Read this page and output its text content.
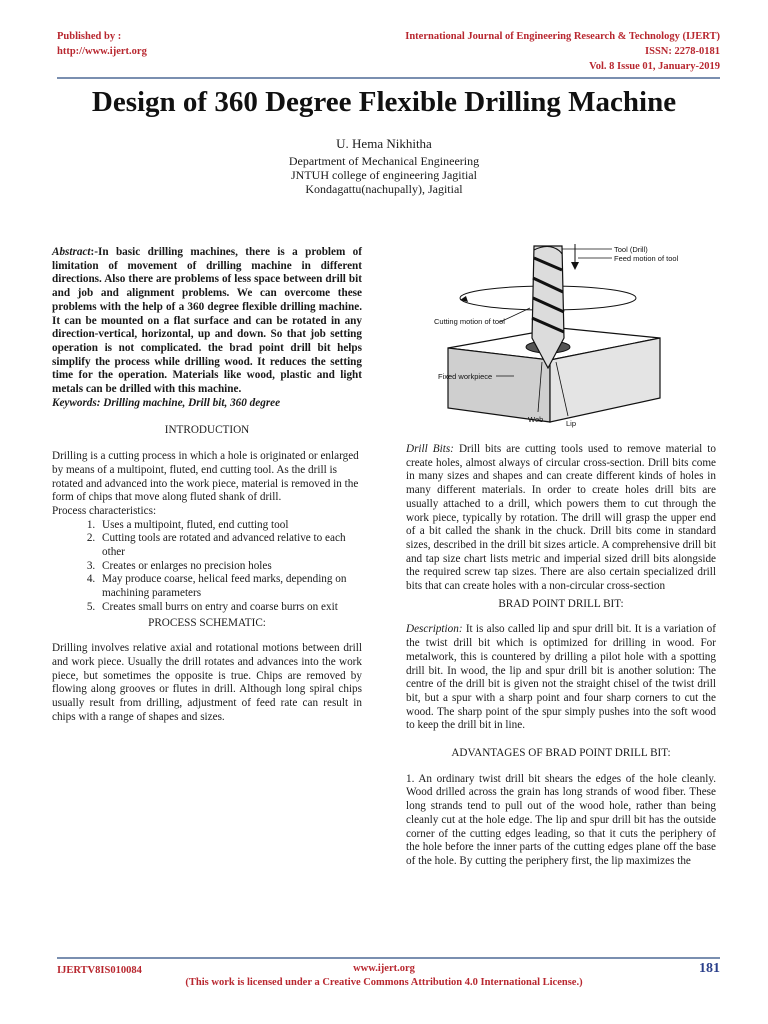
Published by :
http://www.ijert.org
International Journal of Engineering Research & Technology (IJERT)
ISSN: 2278-0181
Vol. 8 Issue 01, January-2019
Design of 360 Degree Flexible Drilling Machine
U. Hema Nikhitha
Department of Mechanical Engineering
JNTUH college of engineering Jagitial
Kondagattu(nachupally), Jagitial

Abstract:-In basic drilling machines, there is a problem of limitation of movement of drilling machine in different directions. Also there are problems of less space between drill bit and job and alignment problems. We can overcome these problems with the help of a 360 degree flexible drilling machine. It can be mounted on a flat surface and can be rotated in any direction-vertical, horizontal, up and down. So that job setting operation is not complicated. the brad point drill bit helps simplify the process while drilling wood. It reduces the setting time for the operation. Materials like wood, plastic and light metals can be drilled with this machine.

Keywords: Drilling machine, Drill bit, 360 degree

INTRODUCTION

Drilling is a cutting process in which a hole is originated or enlarged by means of a multipoint, fluted, end cutting tool. As the drill is rotated and advanced into the work piece, material is removed in the form of chips that move along fluted shank of drill.

Process characteristics:

1. Uses a multipoint, fluted, end cutting tool
2. Cutting tools are rotated and advanced relative to each other
3. Creates or enlarges no precision holes
4. May produce coarse, helical feed marks, depending on machining parameters
5. Creates small burrs on entry and coarse burrs on exit
PROCESS SCHEMATIC:

Drilling involves relative axial and rotational motions between drill and work piece. Usually the drill rotates and advances into the work piece, but sometimes the opposite is true. Chips are removed by flowing along grooves or flutes in drill. Although long spiral chips usually result from drilling, adjustment of feed rate can result in chips with a range of shapes and sizes.

Tool (Drill)
Feed motion of tool
Cutting motion of tool
Fixed workpiece
Web	Lip

Drill Bits: Drill bits are cutting tools used to remove material to create holes, almost always of circular cross-section. Drill bits come in many sizes and shapes and can create different kinds of holes in many different materials. In order to create holes drill bits are usually attached to a drill, which powers them to cut through the work piece, typically by rotation. The drill will grasp the upper end of a bit called the shank in the chuck. Drill bits come in standard sizes, described in the drill bit sizes article. A comprehensive drill bit and tap size chart lists metric and imperial sized drill bits alongside the required screw tap sizes. There are also certain specialized drill bits that can create holes with a non-circular cross-section

BRAD POINT DRILL BIT:

Description: It is also called lip and spur drill bit. It is a variation of the twist drill bit which is optimized for drilling in wood. For metalwork, this is countered by drilling a pilot hole with a spotting drill bit. In wood, the lip and spur drill bit is another solution: The centre of the drill bit is given not the straight chisel of the twist drill bit, but a spur with a sharp point and four sharp corners to cut the wood. The sharp point of the spur simply pushes into the soft wood to keep the drill bit in line.

ADVANTAGES OF BRAD POINT DRILL BIT:

1. An ordinary twist drill bit shears the edges of the hole cleanly. Wood drilled across the grain has long strands of wood fiber. These long strands tend to pull out of the wood hole, rather than being cleanly cut at the hole edge. The lip and spur drill bit has the outside corner of the cutting edges leading, so that it cuts the periphery of the hole before the inner parts of the cutting edges plane off the base of the hole. By cutting the periphery first, the lip maximizes the

IJERTV8IS010084	www.ijert.org
(This work is licensed under a Creative Commons Attribution 4.0 International License.)
181
